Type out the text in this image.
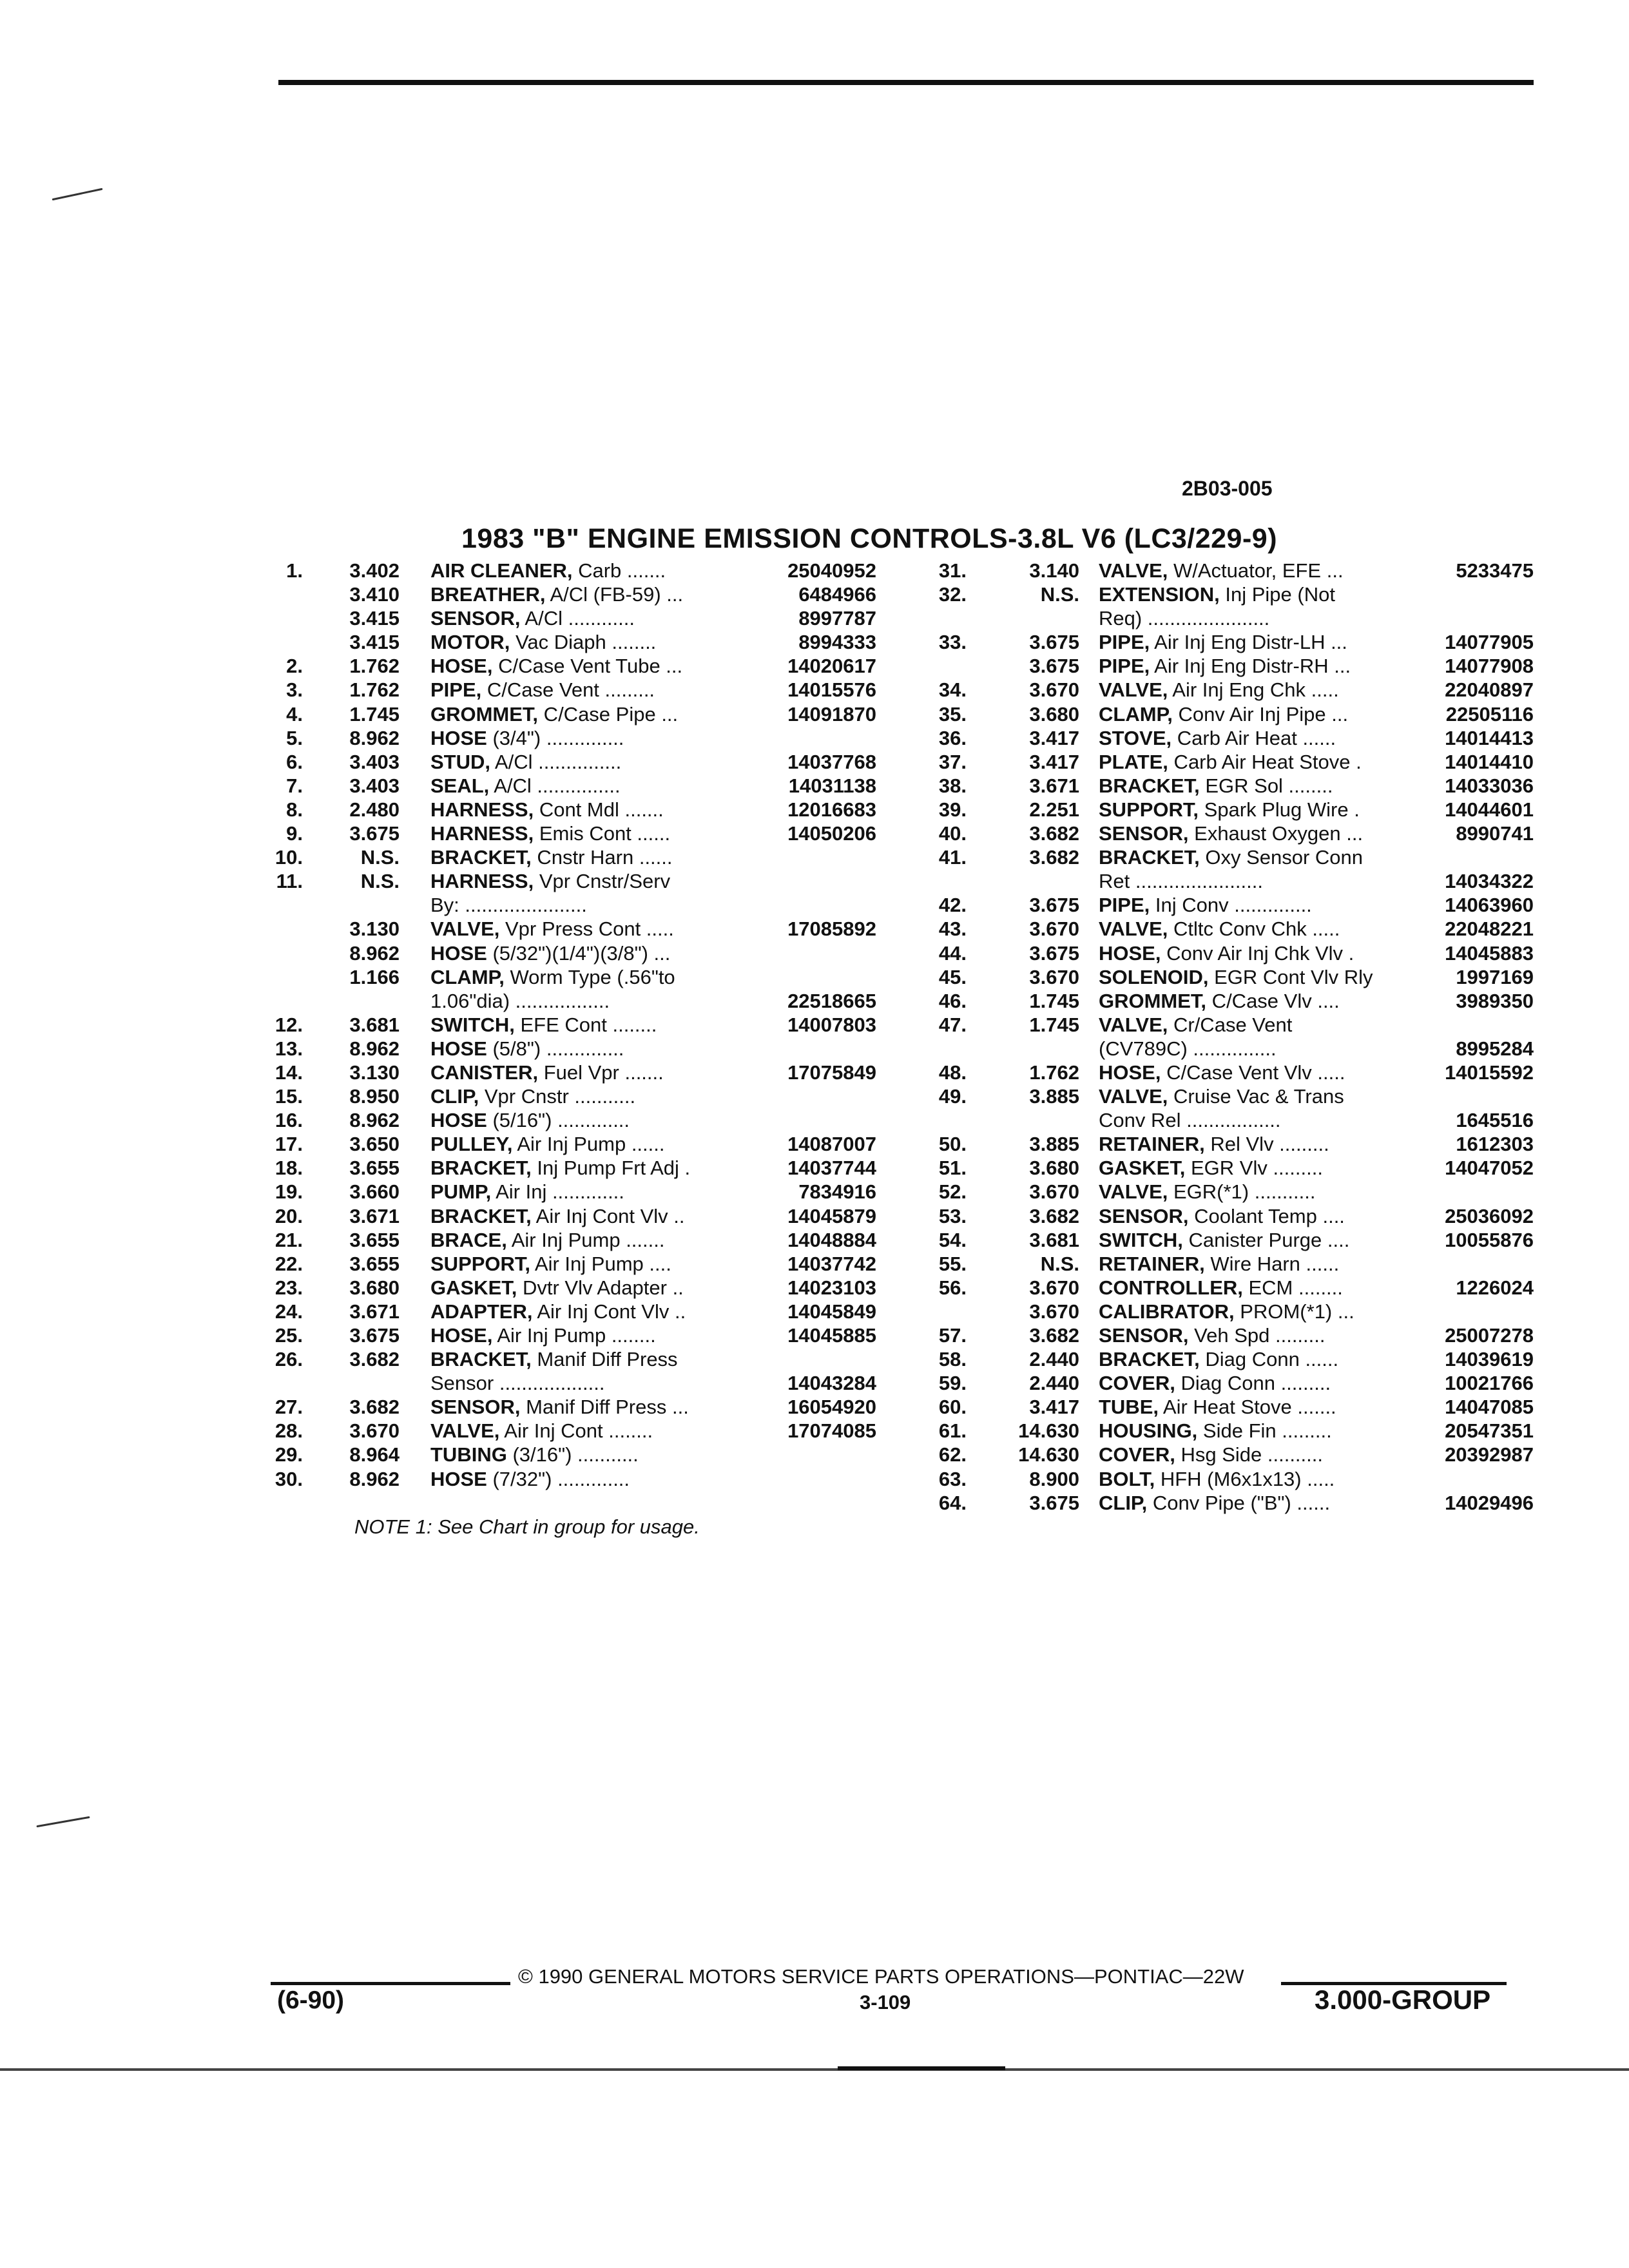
2B03-005
1983 "B" ENGINE EMISSION CONTROLS-3.8L V6 (LC3/229-9)
1.	3.402 AIR CLEANER, Carb .......	25040952
3.410 BREATHER, A/Cl (FB-59) ...	6484966
3.415 SENSOR, A/Cl ............	8997787
3.415 MOTOR, Vac Diaph ........	8994333
2.	1.762 HOSE, C/Case Vent Tube ...	14020617
3.	1.762 PIPE, C/Case Vent .........	14015576
4.	1.745 GROMMET, C/Case Pipe ...	14091870
5.	8.962 HOSE (3/4") ..............
6.	3.403 STUD, A/Cl ...............	14037768
7.	3.403 SEAL, A/Cl ...............	14031138
8.	2.480 HARNESS, Cont Mdl .......	12016683
9.	3.675 HARNESS, Emis Cont ......	14050206
10.	N.S. BRACKET, Cnstr Harn ......
11.	N.S. HARNESS, Vpr Cnstr/Serv
By: ......................
3.130 VALVE, Vpr Press Cont .....	17085892
8.962 HOSE (5/32")(1/4")(3/8") ...
1.166 CLAMP, Worm Type (.56"to
1.06"dia) .................	22518665
12.	3.681 SWITCH, EFE Cont ........	14007803
13.	8.962 HOSE (5/8") ..............
14.	3.130 CANISTER, Fuel Vpr .......	17075849
15.	8.950 CLIP, Vpr Cnstr ...........
16.	8.962 HOSE (5/16") .............
17.	3.650 PULLEY, Air Inj Pump ......	14087007
18.	3.655 BRACKET, Inj Pump Frt Adj .	14037744
19.	3.660 PUMP, Air Inj .............	7834916
20.	3.671 BRACKET, Air Inj Cont Vlv ..	14045879
21.	3.655 BRACE, Air Inj Pump .......	14048884
22.	3.655 SUPPORT, Air Inj Pump ....	14037742
23.	3.680 GASKET, Dvtr Vlv Adapter ..	14023103
24.	3.671 ADAPTER, Air Inj Cont Vlv ..	14045849
25.	3.675 HOSE, Air Inj Pump ........	14045885
26.	3.682 BRACKET, Manif Diff Press
Sensor ...................	14043284
27.	3.682 SENSOR, Manif Diff Press ...	16054920
28.	3.670 VALVE, Air Inj Cont ........	17074085
29.	8.964 TUBING (3/16") ...........
30.	8.962 HOSE (7/32") .............
31.	3.140 VALVE, W/Actuator, EFE ...	5233475
32.	N.S. EXTENSION, Inj Pipe (Not
Req) ......................
33.	3.675 PIPE, Air Inj Eng Distr-LH ...	14077905
3.675 PIPE, Air Inj Eng Distr-RH ...	14077908
34.	3.670 VALVE, Air Inj Eng Chk .....	22040897
35.	3.680 CLAMP, Conv Air Inj Pipe ...	22505116
36.	3.417 STOVE, Carb Air Heat ......	14014413
37.	3.417 PLATE, Carb Air Heat Stove .	14014410
38.	3.671 BRACKET, EGR Sol ........	14033036
39.	2.251 SUPPORT, Spark Plug Wire .	14044601
40.	3.682 SENSOR, Exhaust Oxygen ...	8990741
41.	3.682 BRACKET, Oxy Sensor Conn
Ret .......................	14034322
42.	3.675 PIPE, Inj Conv ..............	14063960
43.	3.670 VALVE, Ctltc Conv Chk .....	22048221
44.	3.675 HOSE, Conv Air Inj Chk Vlv .	14045883
45.	3.670 SOLENOID, EGR Cont Vlv Rly	1997169
46.	1.745 GROMMET, C/Case Vlv ....	3989350
47.	1.745 VALVE, Cr/Case Vent
(CV789C) ...............	8995284
48.	1.762 HOSE, C/Case Vent Vlv .....	14015592
49.	3.885 VALVE, Cruise Vac & Trans
Conv Rel .................	1645516
50.	3.885 RETAINER, Rel Vlv .........	1612303
51.	3.680 GASKET, EGR Vlv .........	14047052
52.	3.670 VALVE, EGR(*1) ...........
53.	3.682 SENSOR, Coolant Temp ....	25036092
54.	3.681 SWITCH, Canister Purge ....	10055876
55.	N.S. RETAINER, Wire Harn ......
56.	3.670 CONTROLLER, ECM ........	1226024
3.670 CALIBRATOR, PROM(*1) ...
57.	3.682 SENSOR, Veh Spd .........	25007278
58.	2.440 BRACKET, Diag Conn ......	14039619
59.	2.440 COVER, Diag Conn .........	10021766
60.	3.417 TUBE, Air Heat Stove .......	14047085
61.	14.630 HOUSING, Side Fin .........	20547351
62.	14.630 COVER, Hsg Side ..........	20392987
63.	8.900 BOLT, HFH (M6x1x13) .....
64.	3.675 CLIP, Conv Pipe ("B") ......	14029496
NOTE 1: See Chart in group for usage.
© 1990 GENERAL MOTORS SERVICE PARTS OPERATIONS—PONTIAC—22W
3-109
(6-90)	3.000-GROUP
